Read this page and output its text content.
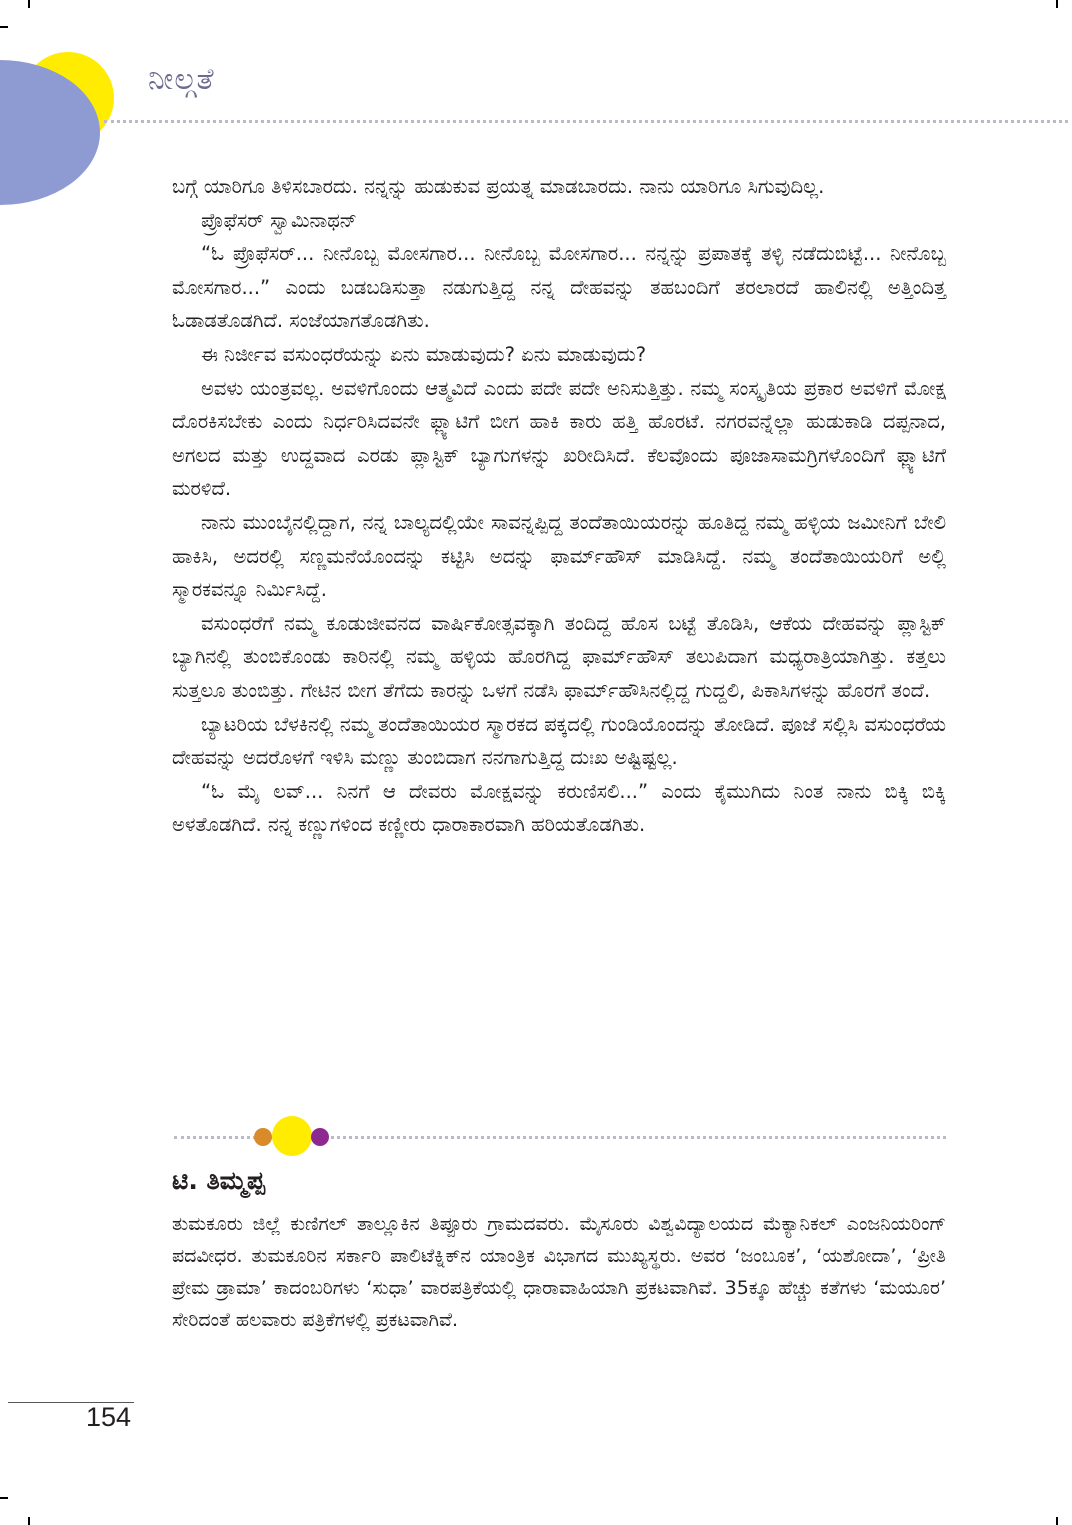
ನೀಲ್ಗತೆ

ಬಗ್ಗೆ ಯಾರಿಗೂ ತಿಳಿಸಬಾರದು. ನನ್ನನ್ನು ಹುಡುಕುವ ಪ್ರಯತ್ನ ಮಾಡಬಾರದು. ನಾನು ಯಾರಿಗೂ ಸಿಗುವುದಿಲ್ಲ.

ಪ್ರೊಫೆಸರ್ ಸ್ವಾಮಿನಾಥನ್

“ಓ ಪ್ರೊಫೆಸರ್... ನೀನೊಬ್ಬ ಮೋಸಗಾರ... ನೀನೊಬ್ಬ ಮೋಸಗಾರ... ನನ್ನನ್ನು ಪ್ರಪಾತಕ್ಕೆ ತಳ್ಳಿ ನಡೆದುಬಿಟ್ಟೆ... ನೀನೊಬ್ಬ ಮೋಸಗಾರ...” ಎಂದು ಬಡಬಡಿಸುತ್ತಾ ನಡುಗುತ್ತಿದ್ದ ನನ್ನ ದೇಹವನ್ನು ತಹಬಂದಿಗೆ ತರಲಾರದೆ ಹಾಲಿನಲ್ಲಿ ಅತ್ತಿಂದಿತ್ತ ಓಡಾಡತೊಡಗಿದೆ. ಸಂಜೆಯಾಗತೊಡಗಿತು.

ಈ ನಿರ್ಜೀವ ವಸುಂಧರೆಯನ್ನು ಏನು ಮಾಡುವುದು? ಏನು ಮಾಡುವುದು?

ಅವಳು ಯಂತ್ರವಲ್ಲ. ಅವಳಿಗೊಂದು ಆತ್ಮವಿದೆ ಎಂದು ಪದೇ ಪದೇ ಅನಿಸುತ್ತಿತ್ತು. ನಮ್ಮ ಸಂಸ್ಕೃತಿಯ ಪ್ರಕಾರ ಅವಳಿಗೆ ಮೋಕ್ಷ ದೊರಕಿಸಬೇಕು ಎಂದು ನಿರ್ಧರಿಸಿದವನೇ ಫ್ಲ್ಯಾಟಿಗೆ ಬೀಗ ಹಾಕಿ ಕಾರು ಹತ್ತಿ ಹೊರಟೆ. ನಗರವನ್ನೆಲ್ಲಾ ಹುಡುಕಾಡಿ ದಪ್ಪನಾದ, ಅಗಲದ ಮತ್ತು ಉದ್ದವಾದ ಎರಡು ಪ್ಲಾಸ್ಟಿಕ್ ಬ್ಯಾಗುಗಳನ್ನು ಖರೀದಿಸಿದೆ. ಕೆಲವೊಂದು ಪೂಜಾಸಾಮಗ್ರಿಗಳೊಂದಿಗೆ ಫ್ಲ್ಯಾಟಿಗೆ ಮರಳಿದೆ.

ನಾನು ಮುಂಬೈನಲ್ಲಿದ್ದಾಗ, ನನ್ನ ಬಾಲ್ಯದಲ್ಲಿಯೇ ಸಾವನ್ನಪ್ಪಿದ್ದ ತಂದೆತಾಯಿಯರನ್ನು ಹೂತಿದ್ದ ನಮ್ಮ ಹಳ್ಳಿಯ ಜಮೀನಿಗೆ ಬೇಲಿ ಹಾಕಿಸಿ, ಅದರಲ್ಲಿ ಸಣ್ಣಮನೆಯೊಂದನ್ನು ಕಟ್ಟಿಸಿ ಅದನ್ನು ಫಾರ್ಮ್‌ಹೌಸ್ ಮಾಡಿಸಿದ್ದೆ. ನಮ್ಮ ತಂದೆತಾಯಿಯರಿಗೆ ಅಲ್ಲಿ ಸ್ಮಾರಕವನ್ನೂ ನಿರ್ಮಿಸಿದ್ದೆ.

ವಸುಂಧರೆಗೆ ನಮ್ಮ ಕೂಡುಜೀವನದ ವಾರ್ಷಿಕೋತ್ಸವಕ್ಕಾಗಿ ತಂದಿದ್ದ ಹೊಸ ಬಟ್ಟೆ ತೊಡಿಸಿ, ಆಕೆಯ ದೇಹವನ್ನು ಪ್ಲಾಸ್ಟಿಕ್ ಬ್ಯಾಗಿನಲ್ಲಿ ತುಂಬಿಕೊಂಡು ಕಾರಿನಲ್ಲಿ ನಮ್ಮ ಹಳ್ಳಿಯ ಹೊರಗಿದ್ದ ಫಾರ್ಮ್‌ಹೌಸ್ ತಲುಪಿದಾಗ ಮಧ್ಯರಾತ್ರಿಯಾಗಿತ್ತು. ಕತ್ತಲು ಸುತ್ತಲೂ ತುಂಬಿತ್ತು. ಗೇಟಿನ ಬೀಗ ತೆಗೆದು ಕಾರನ್ನು ಒಳಗೆ ನಡೆಸಿ ಫಾರ್ಮ್‌ಹೌಸಿನಲ್ಲಿದ್ದ ಗುದ್ದಲಿ, ಪಿಕಾಸಿಗಳನ್ನು ಹೊರಗೆ ತಂದೆ.

ಬ್ಯಾಟರಿಯ ಬೆಳಕಿನಲ್ಲಿ ನಮ್ಮ ತಂದೆತಾಯಿಯರ ಸ್ಮಾರಕದ ಪಕ್ಕದಲ್ಲಿ ಗುಂಡಿಯೊಂದನ್ನು ತೋಡಿದೆ. ಪೂಜೆ ಸಲ್ಲಿಸಿ ವಸುಂಧರೆಯ ದೇಹವನ್ನು ಅದರೊಳಗೆ ಇಳಿಸಿ ಮಣ್ಣು ತುಂಬಿದಾಗ ನನಗಾಗುತ್ತಿದ್ದ ದುಃಖ ಅಷ್ಟಿಷ್ಟಲ್ಲ.

“ಓ ಮೈ ಲವ್... ನಿನಗೆ ಆ ದೇವರು ಮೋಕ್ಷವನ್ನು ಕರುಣಿಸಲಿ...” ಎಂದು ಕೈಮುಗಿದು ನಿಂತ ನಾನು ಬಿಕ್ಕಿ ಬಿಕ್ಕಿ ಅಳತೊಡಗಿದೆ. ನನ್ನ ಕಣ್ಣುಗಳಿಂದ ಕಣ್ಣೀರು ಧಾರಾಕಾರವಾಗಿ ಹರಿಯತೊಡಗಿತು.

ಟಿ. ತಿಮ್ಮಪ್ಪ

ತುಮಕೂರು ಜಿಲ್ಲೆ ಕುಣಿಗಲ್ ತಾಲ್ಲೂಕಿನ ತಿಪ್ಪೂರು ಗ್ರಾಮದವರು. ಮೈಸೂರು ವಿಶ್ವವಿದ್ಯಾಲಯದ ಮೆಕ್ಯಾನಿಕಲ್ ಎಂಜನಿಯರಿಂಗ್ ಪದವೀಧರ. ತುಮಕೂರಿನ ಸರ್ಕಾರಿ ಪಾಲಿಟೆಕ್ನಿಕ್‌ನ ಯಾಂತ್ರಿಕ ವಿಭಾಗದ ಮುಖ್ಯಸ್ಥರು. ಅವರ ‘ಜಂಬೂಕ’, ‘ಯಶೋದಾ’, ‘ಪ್ರೀತಿ ಪ್ರೇಮ ಡ್ರಾಮಾ’ ಕಾದಂಬರಿಗಳು ‘ಸುಧಾ’ ವಾರಪತ್ರಿಕೆಯಲ್ಲಿ ಧಾರಾವಾಹಿಯಾಗಿ ಪ್ರಕಟವಾಗಿವೆ. 35ಕ್ಕೂ ಹೆಚ್ಚು ಕತೆಗಳು ‘ಮಯೂರ’ ಸೇರಿದಂತೆ ಹಲವಾರು ಪತ್ರಿಕೆಗಳಲ್ಲಿ ಪ್ರಕಟವಾಗಿವೆ.

154
